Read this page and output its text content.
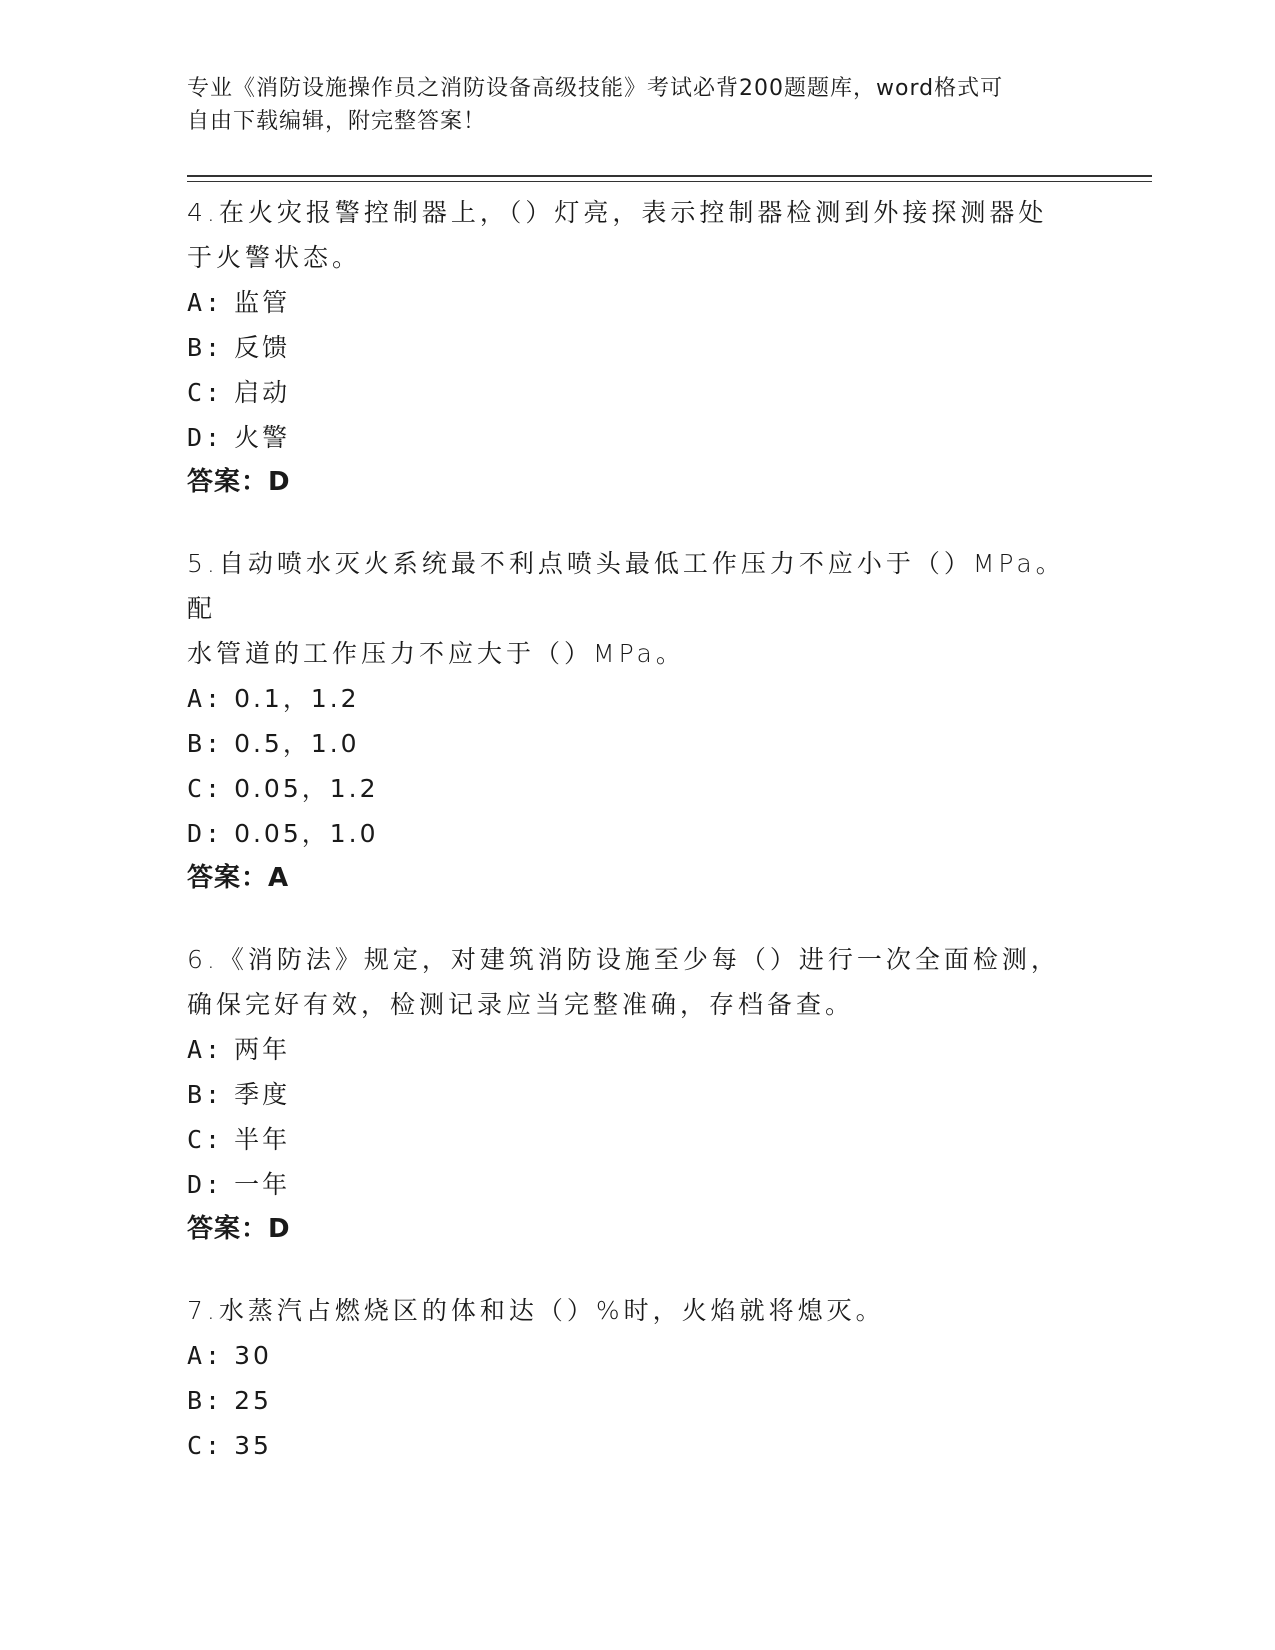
专业《消防设施操作员之消防设备高级技能》考试必背200题题库，word格式可
自由下载编辑，附完整答案！
4.在火灾报警控制器上，（）灯亮，表示控制器检测到外接探测器处
于火警状态。
A: 监管
B: 反馈
C: 启动
D: 火警
答案：D
5.自动喷水灭火系统最不利点喷头最低工作压力不应小于（）MPa。配
水管道的工作压力不应大于（）MPa。
A: 0.1，1.2
B: 0.5，1.0
C: 0.05，1.2
D: 0.05，1.0
答案：A
6.《消防法》规定，对建筑消防设施至少每（）进行一次全面检测，
确保完好有效，检测记录应当完整准确，存档备查。
A: 两年
B: 季度
C: 半年
D: 一年
答案：D
7.水蒸汽占燃烧区的体和达（）%时，火焰就将熄灭。
A: 30
B: 25
C: 35
